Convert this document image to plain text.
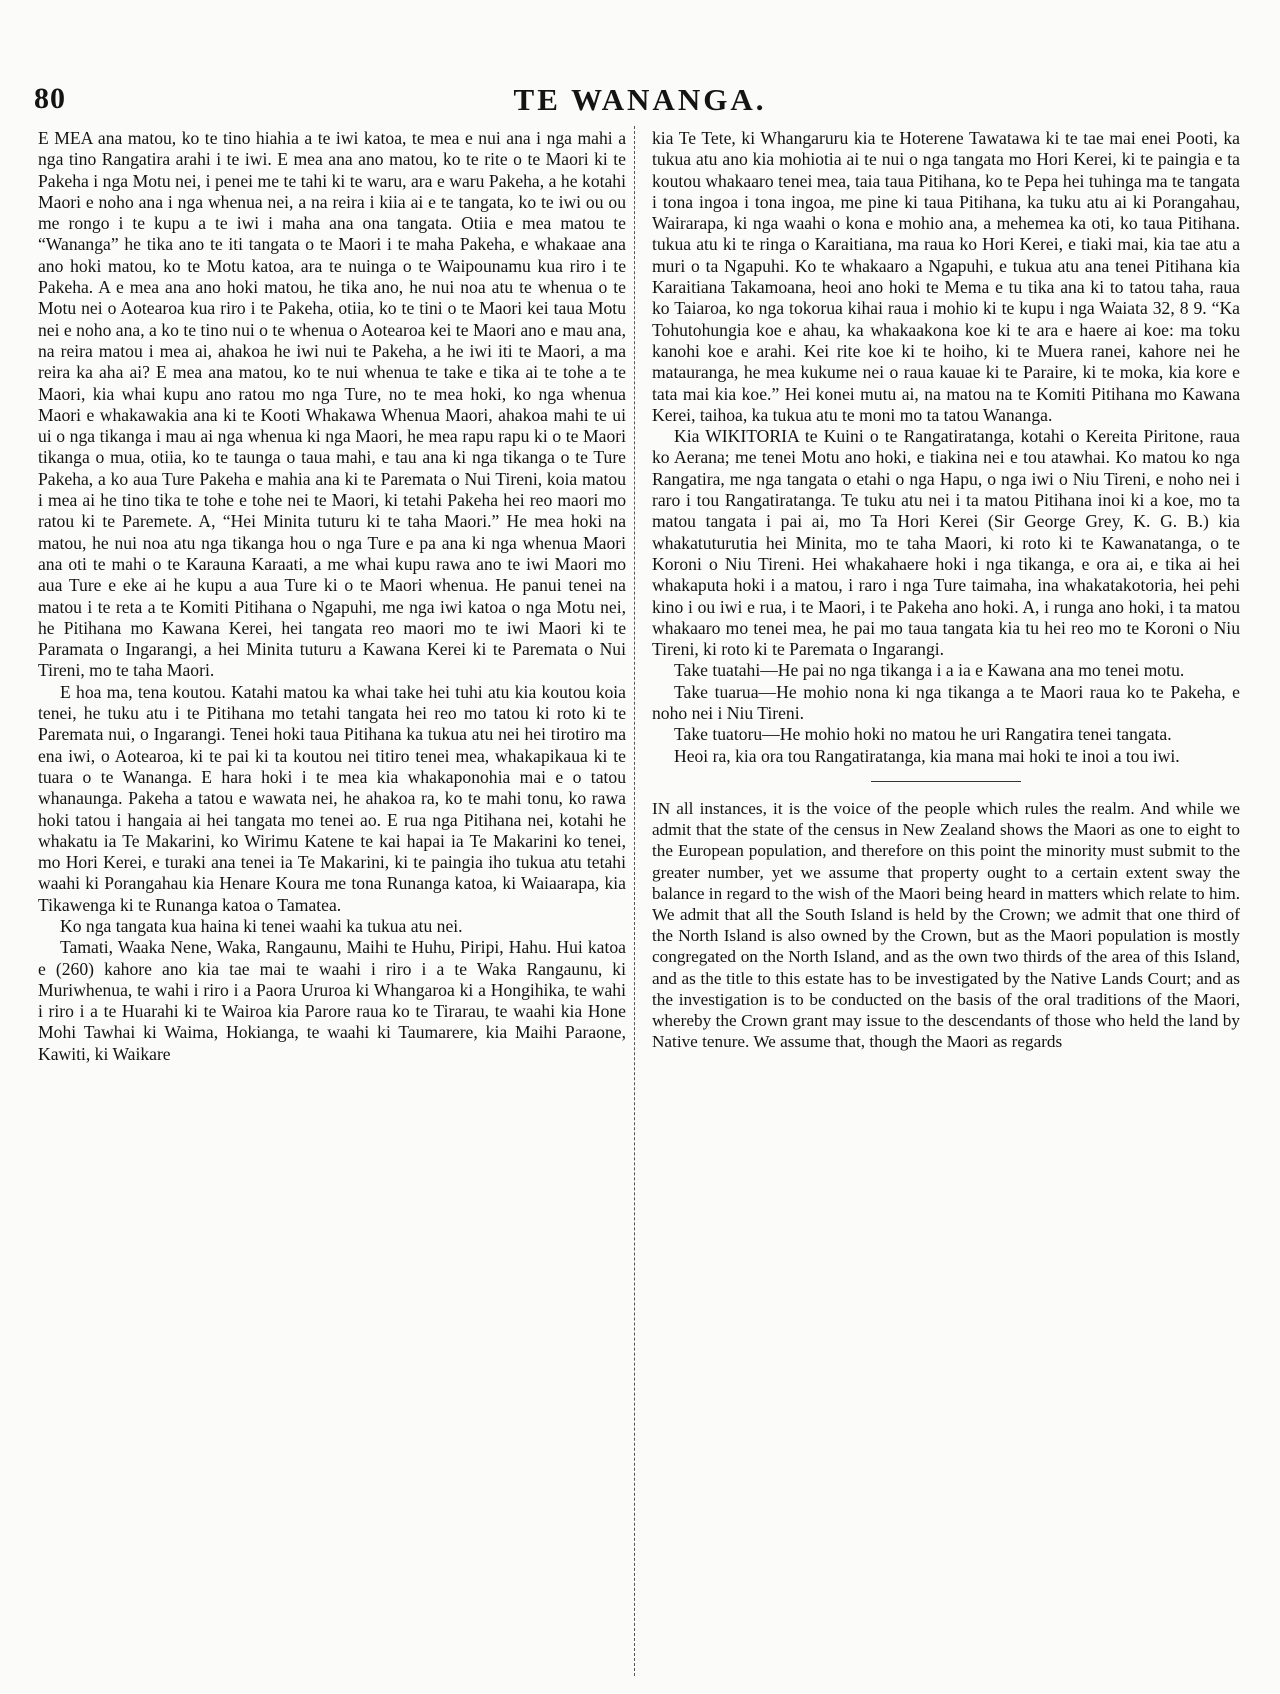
80	TE WANANGA.

E MEA ana matou, ko te tino hiahia a te iwi katoa, te mea e nui ana i nga mahi a nga tino Rangatira arahi i te iwi. E mea ana ano matou, ko te rite o te Maori ki te Pakeha i nga Motu nei, i penei me te tahi ki te waru, ara e waru Pakeha, a he kotahi Maori e noho ana i nga whenua nei, a na reira i kiia ai e te tangata, ko te iwi ou ou me rongo i te kupu a te iwi i maha ana ona tangata. Otiia e mea matou te “Wananga” he tika ano te iti tangata o te Maori i te maha Pakeha, e whakaae ana ano hoki matou, ko te Motu katoa, ara te nuinga o te Waipounamu kua riro i te Pakeha. A e mea ana ano hoki matou, he tika ano, he nui noa atu te whenua o te Motu nei o Aotearoa kua riro i te Pakeha, otiia, ko te tini o te Maori kei taua Motu nei e noho ana, a ko te tino nui o te whenua o Aotearoa kei te Maori ano e mau ana, na reira matou i mea ai, ahakoa he iwi nui te Pakeha, a he iwi iti te Maori, a ma reira ka aha ai? E mea ana matou, ko te nui whenua te take e tika ai te tohe a te Maori, kia whai kupu ano ratou mo nga Ture, no te mea hoki, ko nga whenua Maori e whakawakia ana ki te Kooti Whakawa Whenua Maori, ahakoa mahi te ui ui o nga tikanga i mau ai nga whenua ki nga Maori, he mea rapu rapu ki o te Maori tikanga o mua, otiia, ko te taunga o taua mahi, e tau ana ki nga tikanga o te Ture Pakeha, a ko aua Ture Pakeha e mahia ana ki te Paremata o Nui Tireni, koia matou i mea ai he tino tika te tohe e tohe nei te Maori, ki tetahi Pakeha hei reo maori mo ratou ki te Paremete. A, “Hei Minita tuturu ki te taha Maori.” He mea hoki na matou, he nui noa atu nga tikanga hou o nga Ture e pa ana ki nga whenua Maori ana oti te mahi o te Karauna Karaati, a me whai kupu rawa ano te iwi Maori mo aua Ture e eke ai he kupu a aua Ture ki o te Maori whenua. He panui tenei na matou i te reta a te Komiti Pitihana o Ngapuhi, me nga iwi katoa o nga Motu nei, he Pitihana mo Kawana Kerei, hei tangata reo maori mo te iwi Maori ki te Paramata o Ingarangi, a hei Minita tuturu a Kawana Kerei ki te Paremata o Nui Tireni, mo te taha Maori.

E hoa ma, tena koutou. Katahi matou ka whai take hei tuhi atu kia koutou koia tenei, he tuku atu i te Pitihana mo tetahi tangata hei reo mo tatou ki roto ki te Paremata nui, o Ingarangi. Tenei hoki taua Pitihana ka tukua atu nei hei tirotiro ma ena iwi, o Aotearoa, ki te pai ki ta koutou nei titiro tenei mea, whakapikaua ki te tuara o te Wananga. E hara hoki i te mea kia whakaponohia mai e o tatou whanaunga. Pakeha a tatou e wawata nei, he ahakoa ra, ko te mahi tonu, ko rawa hoki tatou i hangaia ai hei tangata mo tenei ao. E rua nga Pitihana nei, kotahi he whakatu ia Te Makarini, ko Wirimu Katene te kai hapai ia Te Makarini ko tenei, mo Hori Kerei, e turaki ana tenei ia Te Makarini, ki te paingia iho tukua atu tetahi waahi ki Porangahau kia Henare Koura me tona Runanga katoa, ki Waiaarapa, kia Tikawenga ki te Runanga katoa o Tamatea.

Ko nga tangata kua haina ki tenei waahi ka tukua atu nei.

Tamati, Waaka Nene, Waka, Rangaunu, Maihi te Huhu, Piripi, Hahu. Hui katoa e (260) kahore ano kia tae mai te waahi i riro i a te Waka Rangaunu, ki Muriwhenua, te wahi i riro i a Paora Ururoa ki Whangaroa ki a Hongihika, te wahi i riro i a te Huarahi ki te Wairoa kia Parore raua ko te Tirarau, te waahi kia Hone Mohi Tawhai ki Waima, Hokianga, te waahi ki Taumarere, kia Maihi Paraone, Kawiti, ki Waikare

kia Te Tete, ki Whangaruru kia te Hoterene Tawatawa ki te tae mai enei Pooti, ka tukua atu ano kia mohiotia ai te nui o nga tangata mo Hori Kerei, ki te paingia e ta koutou whakaaro tenei mea, taia taua Pitihana, ko te Pepa hei tuhinga ma te tangata i tona ingoa i tona ingoa, me pine ki taua Pitihana, ka tuku atu ai ki Porangahau, Wairarapa, ki nga waahi o kona e mohio ana, a mehemea ka oti, ko taua Pitihana. tukua atu ki te ringa o Karaitiana, ma raua ko Hori Kerei, e tiaki mai, kia tae atu a muri o ta Ngapuhi. Ko te whakaaro a Ngapuhi, e tukua atu ana tenei Pitihana kia Karaitiana Takamoana, heoi ano hoki te Mema e tu tika ana ki to tatou taha, raua ko Taiaroa, ko nga tokorua kihai raua i mohio ki te kupu i nga Waiata 32, 8 9. “Ka Tohutohungia koe e ahau, ka whakaakona koe ki te ara e haere ai koe: ma toku kanohi koe e arahi. Kei rite koe ki te hoiho, ki te Muera ranei, kahore nei he matauranga, he mea kukume nei o raua kauae ki te Paraire, ki te moka, kia kore e tata mai kia koe.” Hei konei mutu ai, na matou na te Komiti Pitihana mo Kawana Kerei, taihoa, ka tukua atu te moni mo ta tatou Wananga.

Kia WIKITORIA te Kuini o te Rangatiratanga, kotahi o Kereita Piritone, raua ko Aerana; me tenei Motu ano hoki, e tiakina nei e tou atawhai. Ko matou ko nga Rangatira, me nga tangata o etahi o nga Hapu, o nga iwi o Niu Tireni, e noho nei i raro i tou Rangatiratanga. Te tuku atu nei i ta matou Pitihana inoi ki a koe, mo ta matou tangata i pai ai, mo Ta Hori Kerei (Sir George Grey, K. G. B.) kia whakatuturutia hei Minita, mo te taha Maori, ki roto ki te Kawanatanga, o te Koroni o Niu Tireni. Hei whakahaere hoki i nga tikanga, e ora ai, e tika ai hei whakaputa hoki i a matou, i raro i nga Ture taimaha, ina whakatakotoria, hei pehi kino i ou iwi e rua, i te Maori, i te Pakeha ano hoki. A, i runga ano hoki, i ta matou whakaaro mo tenei mea, he pai mo taua tangata kia tu hei reo mo te Koroni o Niu Tireni, ki roto ki te Paremata o Ingarangi.

Take tuatahi—He pai no nga tikanga i a ia e Kawana ana mo tenei motu.

Take tuarua—He mohio nona ki nga tikanga a te Maori raua ko te Pakeha, e noho nei i Niu Tireni.

Take tuatoru—He mohio hoki no matou he uri Rangatira tenei tangata.

Heoi ra, kia ora tou Rangatiratanga, kia mana mai hoki te inoi a tou iwi.

IN all instances, it is the voice of the people which rules the realm. And while we admit that the state of the census in New Zealand shows the Maori as one to eight to the European population, and therefore on this point the minority must submit to the greater number, yet we assume that property ought to a certain extent sway the balance in regard to the wish of the Maori being heard in matters which relate to him. We admit that all the South Island is held by the Crown; we admit that one third of the North Island is also owned by the Crown, but as the Maori population is mostly congregated on the North Island, and as the own two thirds of the area of this Island, and as the title to this estate has to be investigated by the Native Lands Court; and as the investigation is to be conducted on the basis of the oral traditions of the Maori, whereby the Crown grant may issue to the descendants of those who held the land by Native tenure. We assume that, though the Maori as regards
